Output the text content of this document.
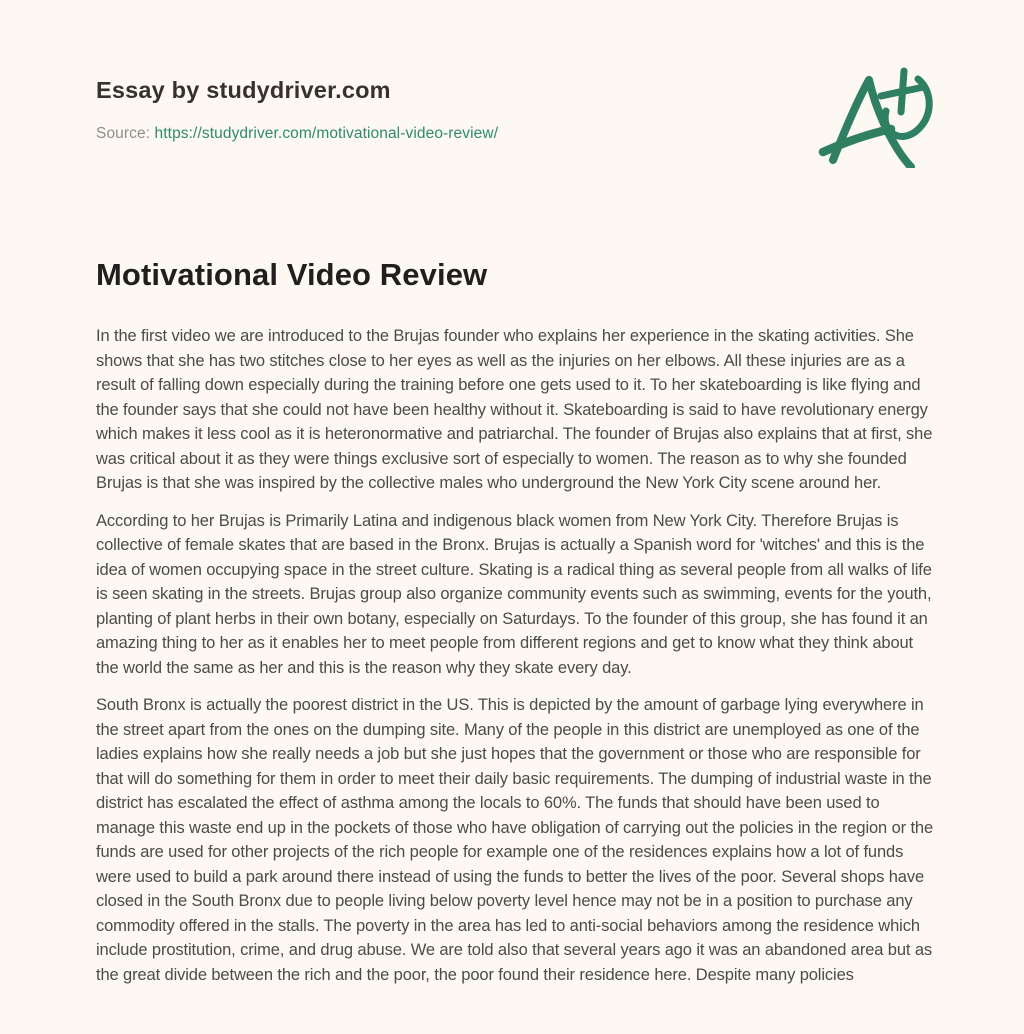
Essay by studydriver.com

Source: https://studydriver.com/motivational-video-review/

Motivational Video Review

In the first video we are introduced to the Brujas founder who explains her experience in the skating activities. She shows that she has two stitches close to her eyes as well as the injuries on her elbows. All these injuries are as a result of falling down especially during the training before one gets used to it. To her skateboarding is like flying and the founder says that she could not have been healthy without it. Skateboarding is said to have revolutionary energy which makes it less cool as it is heteronormative and patriarchal. The founder of Brujas also explains that at first, she was critical about it as they were things exclusive sort of especially to women. The reason as to why she founded Brujas is that she was inspired by the collective males who underground the New York City scene around her.

According to her Brujas is Primarily Latina and indigenous black women from New York City. Therefore Brujas is collective of female skates that are based in the Bronx. Brujas is actually a Spanish word for 'witches' and this is the idea of women occupying space in the street culture. Skating is a radical thing as several people from all walks of life is seen skating in the streets. Brujas group also organize community events such as swimming, events for the youth, planting of plant herbs in their own botany, especially on Saturdays. To the founder of this group, she has found it an amazing thing to her as it enables her to meet people from different regions and get to know what they think about the world the same as her and this is the reason why they skate every day.

South Bronx is actually the poorest district in the US. This is depicted by the amount of garbage lying everywhere in the street apart from the ones on the dumping site. Many of the people in this district are unemployed as one of the ladies explains how she really needs a job but she just hopes that the government or those who are responsible for that will do something for them in order to meet their daily basic requirements. The dumping of industrial waste in the district has escalated the effect of asthma among the locals to 60%. The funds that should have been used to manage this waste end up in the pockets of those who have obligation of carrying out the policies in the region or the funds are used for other projects of the rich people for example one of the residences explains how a lot of funds were used to build a park around there instead of using the funds to better the lives of the poor. Several shops have closed in the South Bronx due to people living below poverty level hence may not be in a position to purchase any commodity offered in the stalls. The poverty in the area has led to anti-social behaviors among the residence which include prostitution, crime, and drug abuse. We are told also that several years ago it was an abandoned area but as the great divide between the rich and the poor, the poor found their residence here. Despite many policies
